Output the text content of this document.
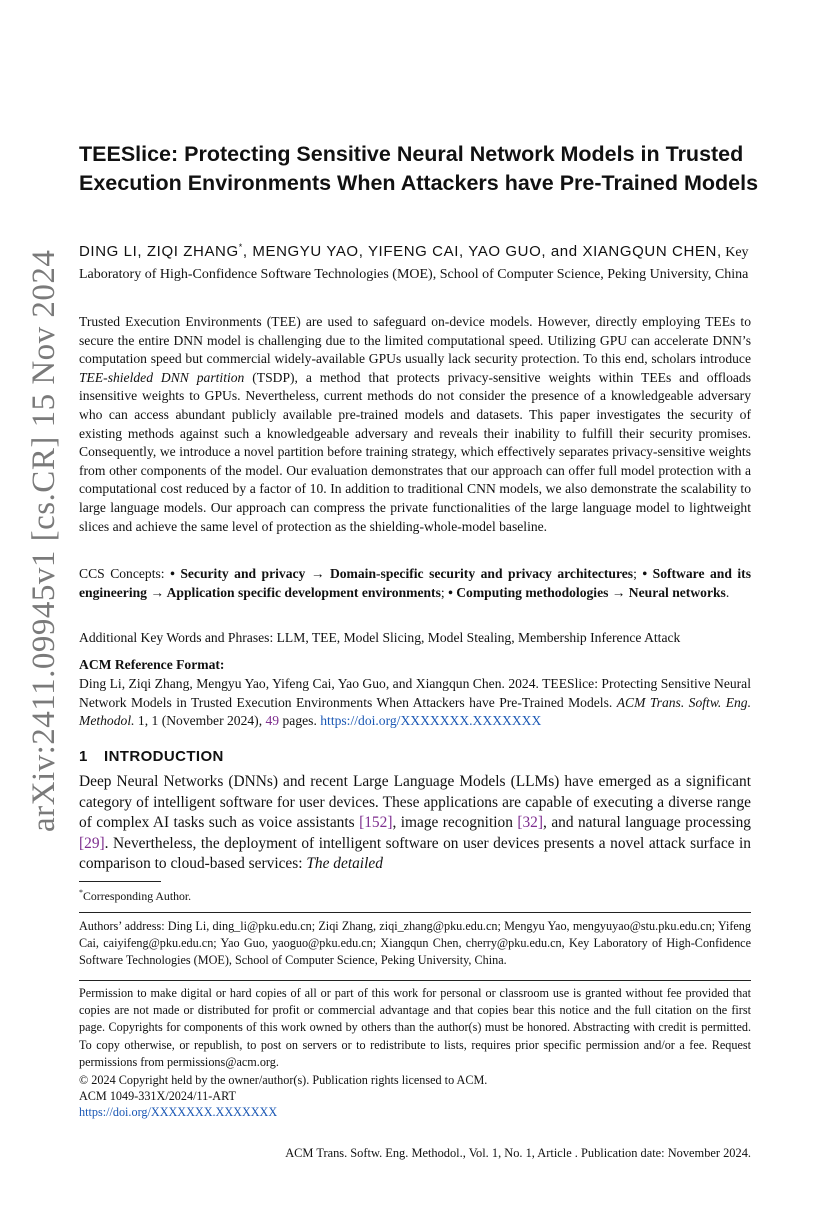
arXiv:2411.09945v1 [cs.CR] 15 Nov 2024
TEESlice: Protecting Sensitive Neural Network Models in Trusted Execution Environments When Attackers have Pre-Trained Models
DING LI, ZIQI ZHANG*, MENGYU YAO, YIFENG CAI, YAO GUO, and XIANGQUN CHEN, Key Laboratory of High-Confidence Software Technologies (MOE), School of Computer Science, Peking University, China
Trusted Execution Environments (TEE) are used to safeguard on-device models. However, directly employing TEEs to secure the entire DNN model is challenging due to the limited computational speed. Utilizing GPU can accelerate DNN’s computation speed but commercial widely-available GPUs usually lack security protection. To this end, scholars introduce TEE-shielded DNN partition (TSDP), a method that protects privacy-sensitive weights within TEEs and offloads insensitive weights to GPUs. Nevertheless, current methods do not consider the presence of a knowledgeable adversary who can access abundant publicly available pre-trained models and datasets. This paper investigates the security of existing methods against such a knowledgeable adversary and reveals their inability to fulfill their security promises. Consequently, we introduce a novel partition before training strategy, which effectively separates privacy-sensitive weights from other components of the model. Our evaluation demonstrates that our approach can offer full model protection with a computational cost reduced by a factor of 10. In addition to traditional CNN models, we also demonstrate the scalability to large language models. Our approach can compress the private functionalities of the large language model to lightweight slices and achieve the same level of protection as the shielding-whole-model baseline.
CCS Concepts: • Security and privacy → Domain-specific security and privacy architectures; • Software and its engineering → Application specific development environments; • Computing methodologies → Neural networks.
Additional Key Words and Phrases: LLM, TEE, Model Slicing, Model Stealing, Membership Inference Attack
ACM Reference Format:
Ding Li, Ziqi Zhang, Mengyu Yao, Yifeng Cai, Yao Guo, and Xiangqun Chen. 2024. TEESlice: Protecting Sensitive Neural Network Models in Trusted Execution Environments When Attackers have Pre-Trained Models. ACM Trans. Softw. Eng. Methodol. 1, 1 (November 2024), 49 pages. https://doi.org/XXXXXXX.XXXXXXX
1 INTRODUCTION
Deep Neural Networks (DNNs) and recent Large Language Models (LLMs) have emerged as a significant category of intelligent software for user devices. These applications are capable of executing a diverse range of complex AI tasks such as voice assistants [152], image recognition [32], and natural language processing [29]. Nevertheless, the deployment of intelligent software on user devices presents a novel attack surface in comparison to cloud-based services: The detailed
*Corresponding Author.
Authors’ address: Ding Li, ding_li@pku.edu.cn; Ziqi Zhang, ziqi_zhang@pku.edu.cn; Mengyu Yao, mengyuyao@stu.pku.edu.cn; Yifeng Cai, caiyifeng@pku.edu.cn; Yao Guo, yaoguo@pku.edu.cn; Xiangqun Chen, cherry@pku.edu.cn, Key Laboratory of High-Confidence Software Technologies (MOE), School of Computer Science, Peking University, China.
Permission to make digital or hard copies of all or part of this work for personal or classroom use is granted without fee provided that copies are not made or distributed for profit or commercial advantage and that copies bear this notice and the full citation on the first page. Copyrights for components of this work owned by others than the author(s) must be honored. Abstracting with credit is permitted. To copy otherwise, or republish, to post on servers or to redistribute to lists, requires prior specific permission and/or a fee. Request permissions from permissions@acm.org.
© 2024 Copyright held by the owner/author(s). Publication rights licensed to ACM.
ACM 1049-331X/2024/11-ART
https://doi.org/XXXXXXX.XXXXXXX
ACM Trans. Softw. Eng. Methodol., Vol. 1, No. 1, Article . Publication date: November 2024.
